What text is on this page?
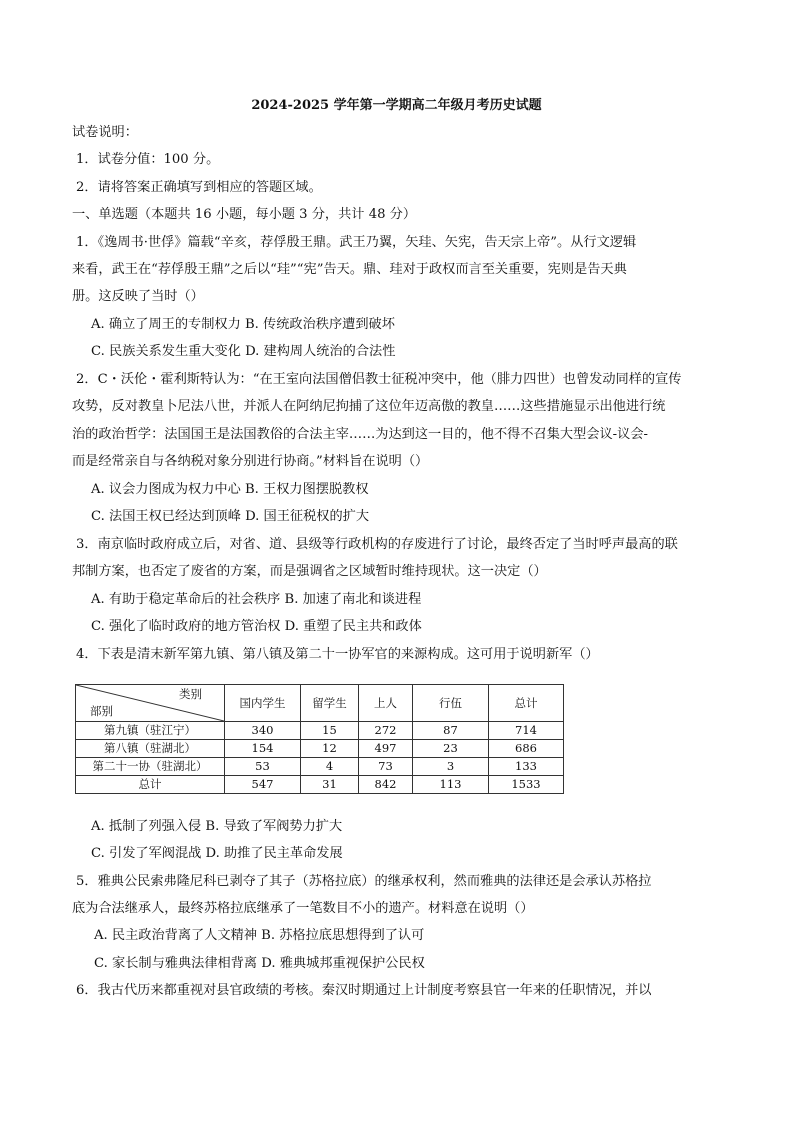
2024-2025 学年第一学期高二年级月考历史试题
试卷说明：
1．试卷分值：100 分。
2．请将答案正确填写到相应的答题区域。
一、单选题（本题共 16 小题，每小题 3 分，共计 48 分）
1．《逸周书·世俘》篇载“辛亥，荐俘殷王鼎。武王乃翼，矢珪、矢宪，告天宗上帝”。从行文逻辑
来看，武王在“荐俘殷王鼎”之后以“珪”“宪”告天。鼎、珪对于政权而言至关重要，宪则是告天典
册。这反映了当时（）
A. 确立了周王的专制权力 B. 传统政治秩序遭到破坏
C. 民族关系发生重大变化 D. 建构周人统治的合法性
2．C・沃伦・霍利斯特认为：“在王室向法国僧侣教士征税冲突中，他（腓力四世）也曾发动同样的宣传
攻势，反对教皇卜尼法八世，并派人在阿纳尼拘捕了这位年迈高傲的教皇……这些措施显示出他进行统
治的政治哲学：法国国王是法国教俗的合法主宰……为达到这一目的，他不得不召集大型会议-议会-
而是经常亲自与各纳税对象分别进行协商。”材料旨在说明（）
A. 议会力图成为权力中心 B. 王权力图摆脱教权
C. 法国王权已经达到顶峰 D. 国王征税权的扩大
3．南京临时政府成立后，对省、道、县级等行政机构的存废进行了讨论，最终否定了当时呼声最高的联
邦制方案，也否定了废省的方案，而是强调省之区域暂时维持现状。这一决定（）
A. 有助于稳定革命后的社会秩序 B. 加速了南北和谈进程
C. 强化了临时政府的地方管治权 D. 重塑了民主共和政体
4．下表是清末新军第九镇、第八镇及第二十一协军官的来源构成。这可用于说明新军（）
类别
部别	国内学生	留学生	上人	行伍	总计
第九镇（驻江宁）	340	15	272	87	714
第八镇（驻湖北）	154	12	497	23	686
第二十一协（驻湖北）	53	4	73	3	133
总计	547	31	842	113	1533
A. 抵制了列强入侵 B. 导致了军阀势力扩大
C. 引发了军阀混战 D. 助推了民主革命发展
5．雅典公民索弗隆尼科已剥夺了其子（苏格拉底）的继承权利，然而雅典的法律还是会承认苏格拉
底为合法继承人，最终苏格拉底继承了一笔数目不小的遗产。材料意在说明（）
A. 民主政治背离了人文精神 B. 苏格拉底思想得到了认可
C. 家长制与雅典法律相背离 D. 雅典城邦重视保护公民权
6．我古代历来都重视对县官政绩的考核。秦汉时期通过上计制度考察县官一年来的任职情况，并以
